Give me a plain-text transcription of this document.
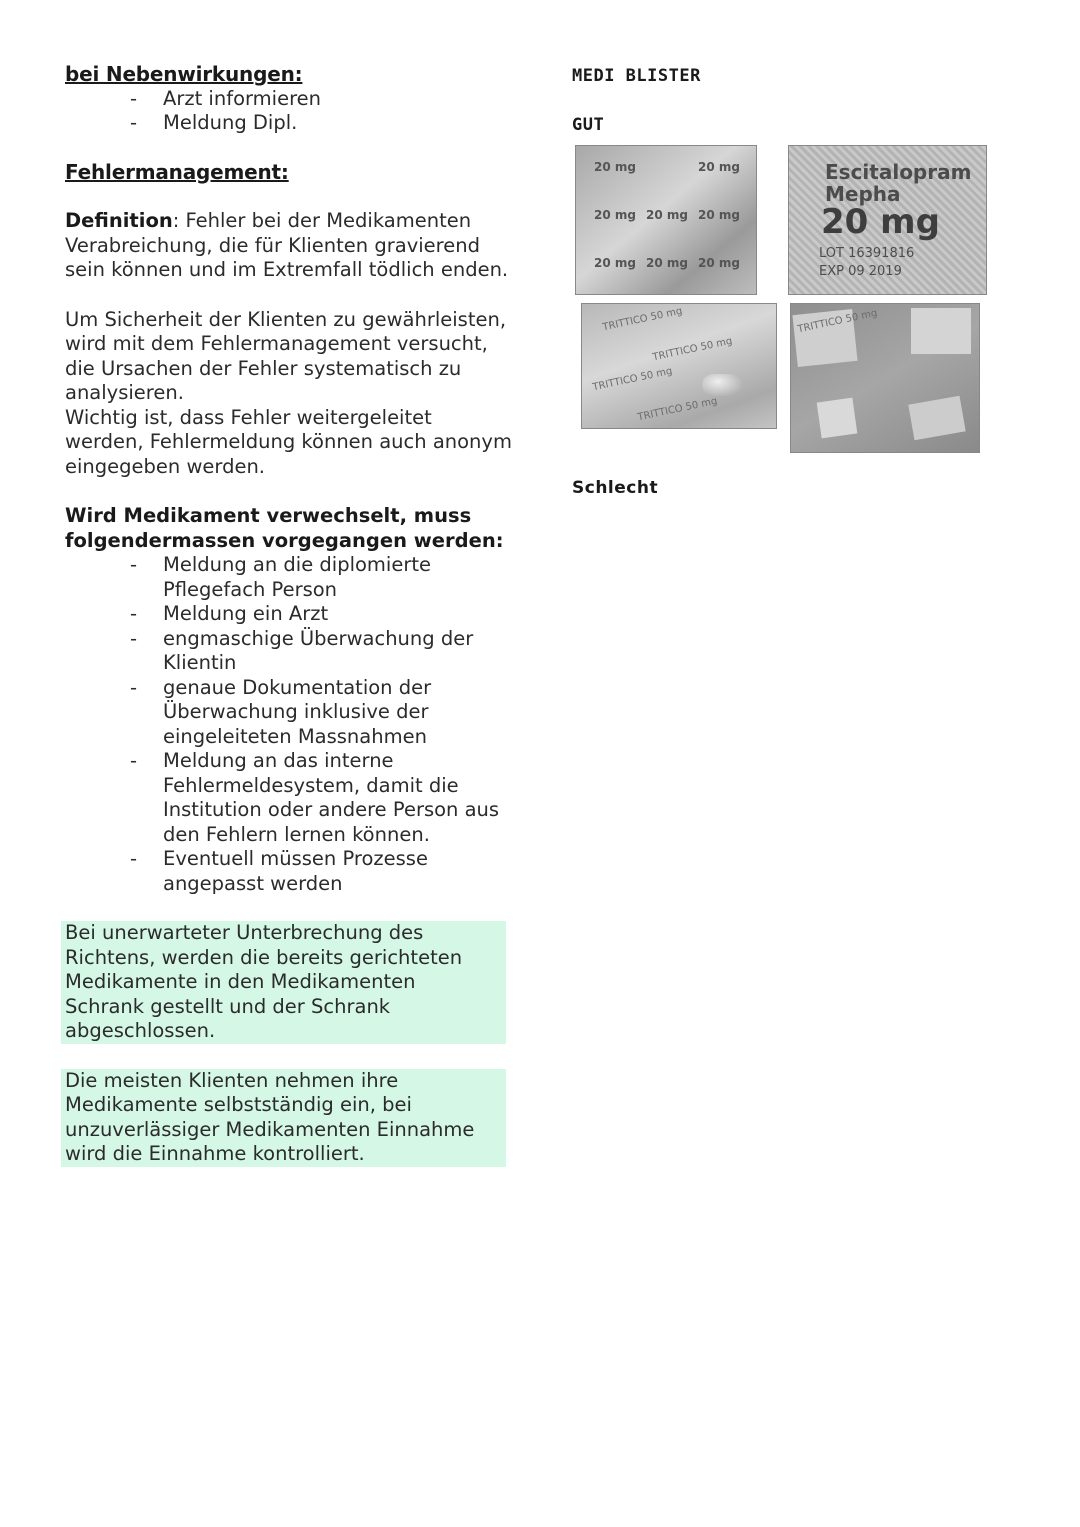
bei Nebenwirkungen:
- Arzt informieren
- Meldung Dipl.
Fehlermanagement:
Definition: Fehler bei der Medikamenten Verabreichung, die für Klienten gravierend sein können und im Extremfall tödlich enden.
Um Sicherheit der Klienten zu gewährleisten, wird mit dem Fehlermanagement versucht, die Ursachen der Fehler systematisch zu analysieren.
Wichtig ist, dass Fehler weitergeleitet werden, Fehlermeldung können auch anonym eingegeben werden.
Wird Medikament verwechselt, muss folgendermassen vorgegangen werden:
- Meldung an die diplomierte Pflegefach Person
- Meldung ein Arzt
- engmaschige Überwachung der Klientin
- genaue Dokumentation der Überwachung inklusive der eingeleiteten Massnahmen
- Meldung an das interne Fehlermeldesystem, damit die Institution oder andere Person aus den Fehlern lernen können.
- Eventuell müssen Prozesse angepasst werden
Bei unerwarteter Unterbrechung des Richtens, werden die bereits gerichteten Medikamente in den Medikamenten Schrank gestellt und der Schrank abgeschlossen.
Die meisten Klienten nehmen ihre Medikamente selbstständig ein, bei unzuverlässiger Medikamenten Einnahme wird die Einnahme kontrolliert.
MEDI BLISTER
GUT
20 mg	20 mg
20 mg 20 mg 20 mg
20 mg 20 mg 20 mg
Escitalopram
Mepha
20 mg
LOT 16391816
EXP 09 2019
TRITTICO 50 mg
TRITTICO 50 mg
TRITTICO 50 mg
TRITTICO 50 mg
TRITTICO 50 mg
Schlecht
